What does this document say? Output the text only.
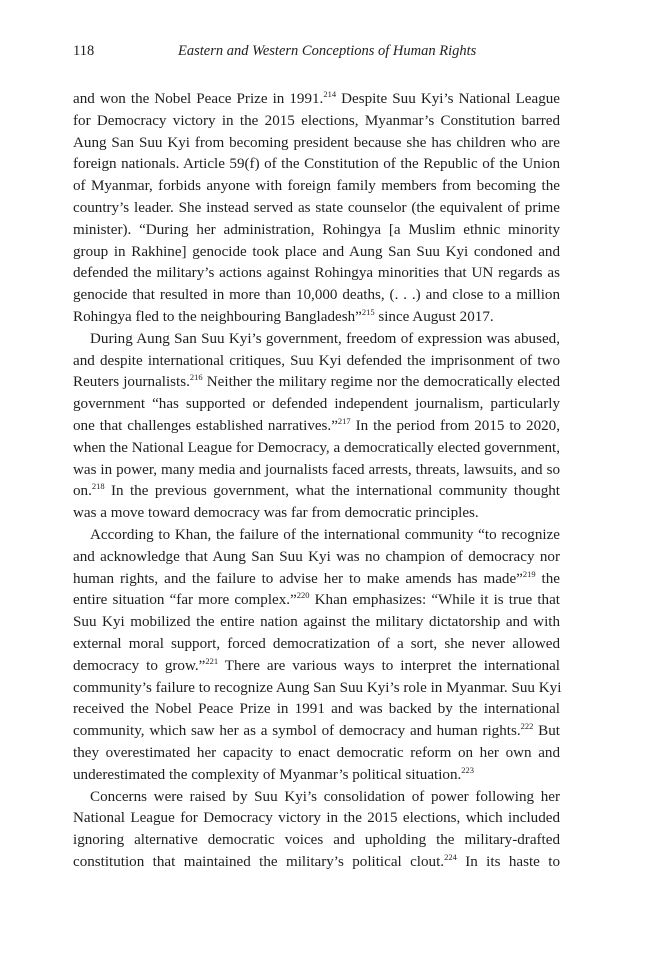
118	Eastern and Western Conceptions of Human Rights
and won the Nobel Peace Prize in 1991.$^{214}$ Despite Suu Kyi’s National League
for Democracy victory in the 2015 elections, Myanmar’s Constitution barred
Aung San Suu Kyi from becoming president because she has children who are
foreign nationals. Article 59(f) of the Constitution of the Republic of the Union
of Myanmar, forbids anyone with foreign family members from becoming the
country’s leader. She instead served as state counselor (the equivalent of prime
minister). “During her administration, Rohingya [a Muslim ethnic minority
group in Rakhine] genocide took place and Aung San Suu Kyi condoned and
defended the military’s actions against Rohingya minorities that UN regards as
genocide that resulted in more than 10,000 deaths, (. . .) and close to a million
Rohingya fled to the neighbouring Bangladesh”$^{215}$ since August 2017.
During Aung San Suu Kyi’s government, freedom of expression was abused,
and despite international critiques, Suu Kyi defended the imprisonment of two
Reuters journalists.$^{216}$ Neither the military regime nor the democratically elected
government “has supported or defended independent journalism, particularly
one that challenges established narratives.”$^{217}$ In the period from 2015 to 2020,
when the National League for Democracy, a democratically elected government,
was in power, many media and journalists faced arrests, threats, lawsuits, and so
on.$^{218}$ In the previous government, what the international community thought
was a move toward democracy was far from democratic principles.
According to Khan, the failure of the international community “to recognize
and acknowledge that Aung San Suu Kyi was no champion of democracy nor
human rights, and the failure to advise her to make amends has made”$^{219}$ the
entire situation “far more complex.”$^{220}$ Khan emphasizes: “While it is true that
Suu Kyi mobilized the entire nation against the military dictatorship and with
external moral support, forced democratization of a sort, she never allowed
democracy to grow.”$^{221}$ There are various ways to interpret the international
community’s failure to recognize Aung San Suu Kyi’s role in Myanmar. Suu Kyi
received the Nobel Peace Prize in 1991 and was backed by the international
community, which saw her as a symbol of democracy and human rights.$^{222}$ But
they overestimated her capacity to enact democratic reform on her own and
underestimated the complexity of Myanmar’s political situation.$^{223}$
Concerns were raised by Suu Kyi’s consolidation of power following her
National League for Democracy victory in the 2015 elections, which included
ignoring alternative democratic voices and upholding the military-drafted
constitution that maintained the military’s political clout.$^{224}$ In its haste to
